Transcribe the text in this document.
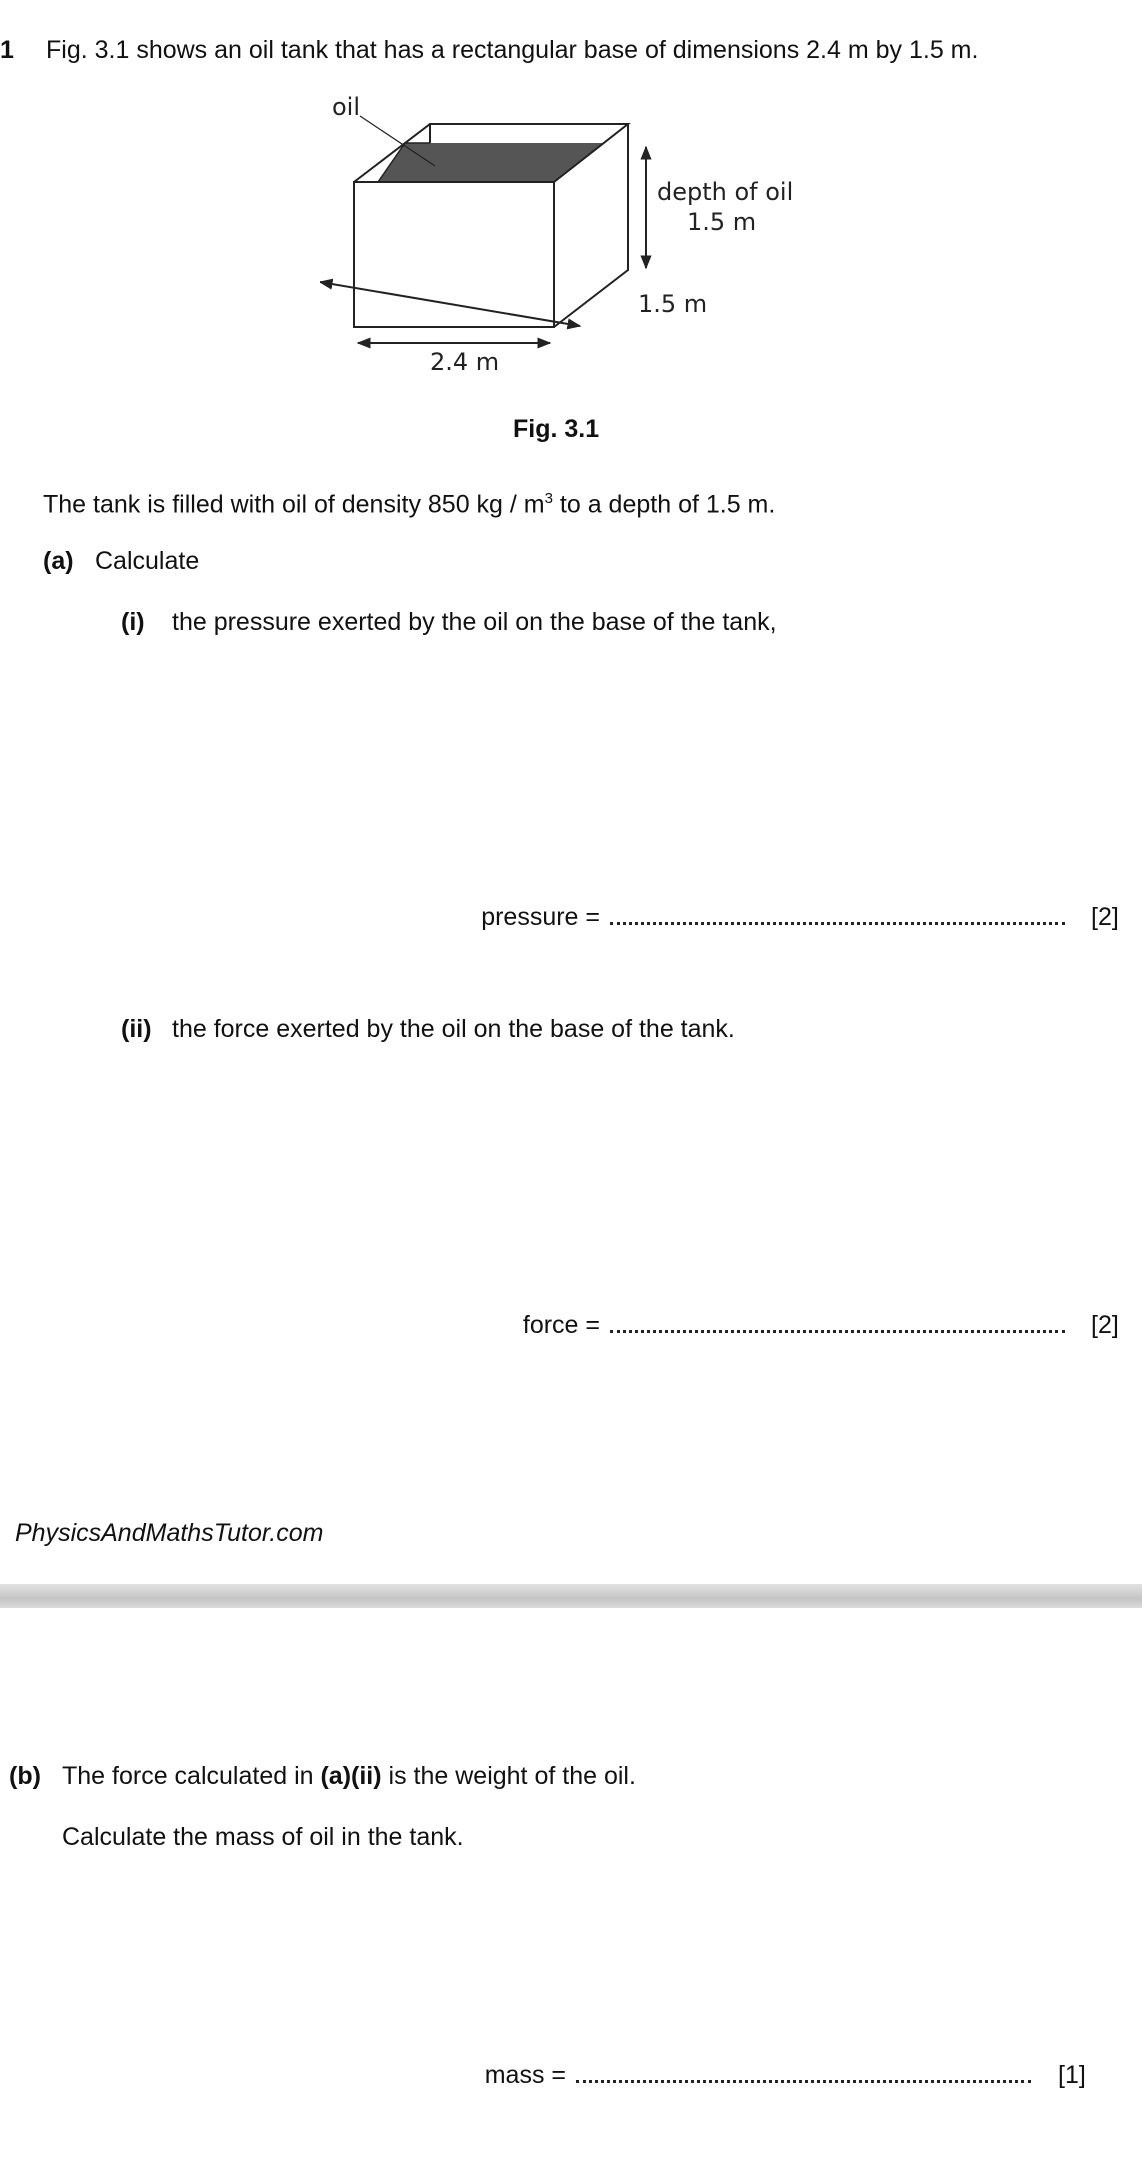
1 Fig. 3.1 shows an oil tank that has a rectangular base of dimensions 2.4 m by 1.5 m.
oil
depth of oil
1.5 m
1.5 m
2.4 m
Fig. 3.1
The tank is filled with oil of density 850 kg / $m^3$ to a depth of 1.5 m.
(a) Calculate
(i) the pressure exerted by the oil on the base of the tank,
pressure =	[2]
(ii) the force exerted by the oil on the base of the tank.
force =	[2]
PhysicsAndMathsTutor.com
(b) The force calculated in (a)(ii) is the weight of the oil.
Calculate the mass of oil in the tank.
mass =	[1]
